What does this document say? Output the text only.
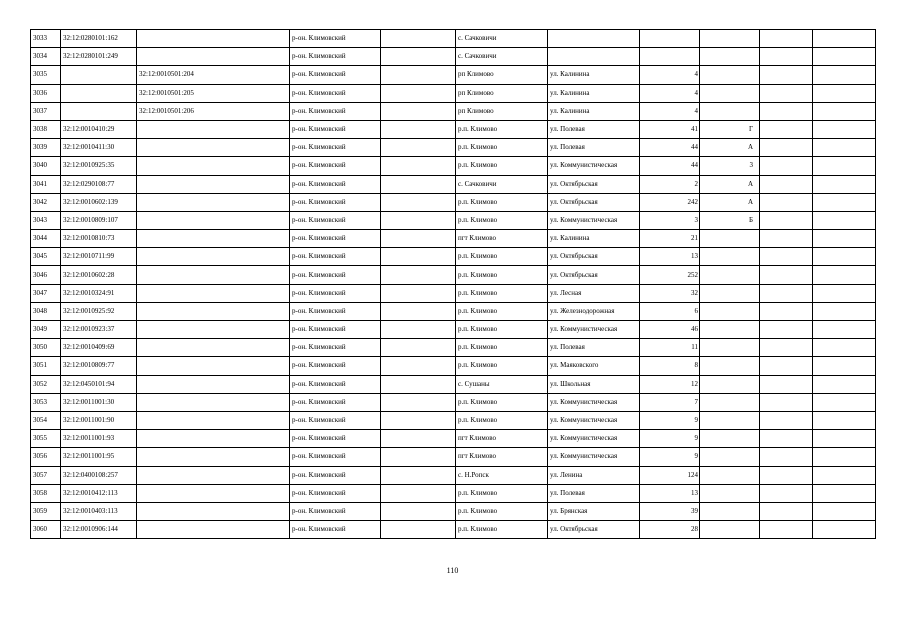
3033	32:12:0280101:162		р-он. Климовский		с. Сачковичи					
3034	32:12:0280101:249		р-он. Климовский		с. Сачковичи					
3035		32:12:0010501:204	р-он. Климовский		рп Климово	ул. Калинина	4			
3036		32:12:0010501:205	р-он. Климовский		рп Климово	ул. Калинина	4			
3037		32:12:0010501:206	р-он. Климовский		рп Климово	ул. Калинина	4			
3038	32:12:0010410:29		р-он. Климовский		р.п. Климово	ул. Полевая	41	Г		
3039	32:12:0010411:30		р-он. Климовский		р.п. Климово	ул. Полевая	44	А		
3040	32:12:0010925:35		р-он. Климовский		р.п. Климово	ул. Коммунистическая	44	3		
3041	32:12:0290108:77		р-он. Климовский		с. Сачковичи	ул. Октябрьская	2	А		
3042	32:12:0010602:139		р-он. Климовский		р.п. Климово	ул. Октябрьская	242	А		
3043	32:12:0010809:107		р-он. Климовский		р.п. Климово	ул. Коммунистическая	3	Б		
3044	32:12:0010810:73		р-он. Климовский		пгт Климово	ул. Калинина	21			
3045	32:12:0010711:99		р-он. Климовский		р.п. Климово	ул. Октябрьская	13			
3046	32:12:0010602:28		р-он. Климовский		р.п. Климово	ул. Октябрьская	252			
3047	32:12:0010324:91		р-он. Климовский		р.п. Климово	ул. Лесная	32			
3048	32:12:0010925:92		р-он. Климовский		р.п. Климово	ул. Железнодорожная	6			
3049	32:12:0010923:37		р-он. Климовский		р.п. Климово	ул. Коммунистическая	46			
3050	32:12:0010409:69		р-он. Климовский		р.п. Климово	ул. Полевая	11			
3051	32:12:0010809:77		р-он. Климовский		р.п. Климово	ул. Маяковского	8			
3052	32:12:0450101:94		р-он. Климовский		с. Сушаны	ул. Школьная	12			
3053	32:12:0011001:30		р-он. Климовский		р.п. Климово	ул. Коммунистическая	7			
3054	32:12:0011001:90		р-он. Климовский		р.п. Климово	ул. Коммунистическая	9			
3055	32:12:0011001:93		р-он. Климовский		пгт Климово	ул. Коммунистическая	9			
3056	32:12:0011001:95		р-он. Климовский		пгт Климово	ул. Коммунистическая	9			
3057	32:12:0400108:257		р-он. Климовский		с. Н.Ропск	ул. Ленина	124			
3058	32:12:0010412:113		р-он. Климовский		р.п. Климово	ул. Полевая	13			
3059	32:12:0010403:113		р-он. Климовский		р.п. Климово	ул. Брянская	39			
3060	32:12:0010906:144		р-он. Климовский		р.п. Климово	ул. Октябрьская	28			
110
